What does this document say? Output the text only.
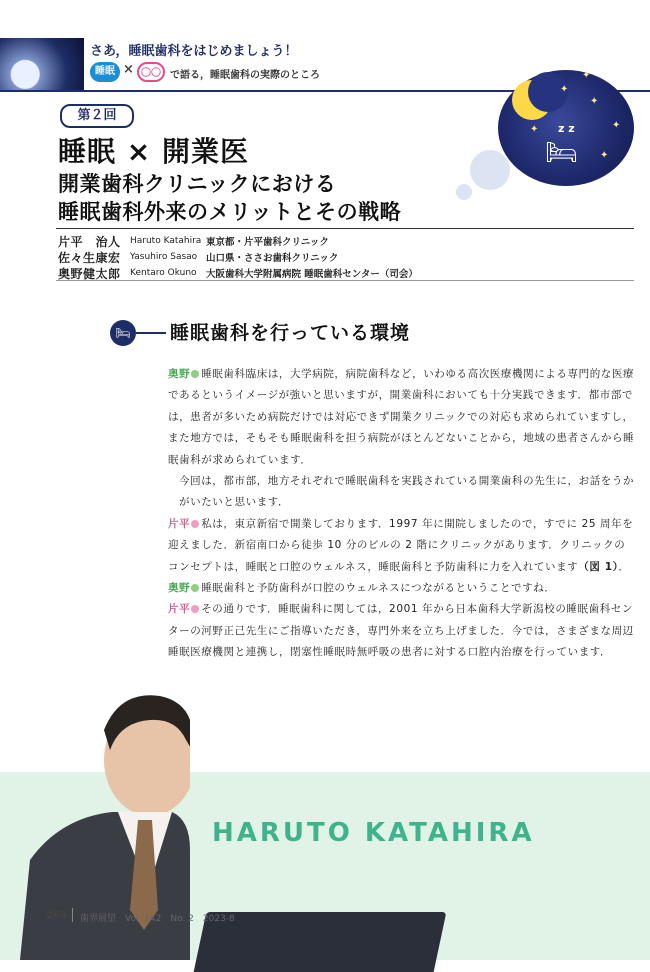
さあ，睡眠歯科をはじめましょう！
睡眠 × 〇〇 で語る，睡眠歯科の実際のところ
🛏
z z
✦
✦
✦
✦
✦
✦
第２回
睡眠 × 開業医
開業歯科クリニックにおける
睡眠歯科外来のメリットとその戦略
片平　治人	Haruto Katahira 東京都・片平歯科クリニック
佐々生康宏	Yasuhiro Sasao 山口県・ささお歯科クリニック
奥野健太郎	Kentaro Okuno 大阪歯科大学附属病院 睡眠歯科センター（司会）
🛏 睡眠歯科を行っている環境

奥野 睡眠歯科臨床は，大学病院，病院歯科など，いわゆる高次医療機関による専門的な医療であるというイメージが強いと思いますが，開業歯科においても十分実践できます．都市部では，患者が多いため病院だけでは対応できず開業クリニックでの対応も求められていますし，また地方では，そもそも睡眠歯科を担う病院がほとんどないことから，地域の患者さんから睡眠歯科が求められています．

今回は，都市部，地方それぞれで睡眠歯科を実践されている開業歯科の先生に，お話をうかがいたいと思います．

片平 私は，東京新宿で開業しております．1997 年に開院しましたので，すでに 25 周年を迎えました．新宿南口から徒歩 10 分のビルの 2 階にクリニックがあります．クリニックのコンセプトは，睡眠と口腔のウェルネス，睡眠歯科と予防歯科に力を入れています（図 1）．

奥野 睡眠歯科と予防歯科が口腔のウェルネスにつながるということですね．

片平 その通りです．睡眠歯科に関しては，2001 年から日本歯科大学新潟校の睡眠歯科センターの河野正己先生にご指導いただき，専門外来を立ち上げました．今では，さまざまな周辺睡眠医療機関と連携し，閉塞性睡眠時無呼吸の患者に対する口腔内治療を行っています．

HARUTO KATAHIRA
264 歯界展望　Vol. 142　No. 2　2023-8
